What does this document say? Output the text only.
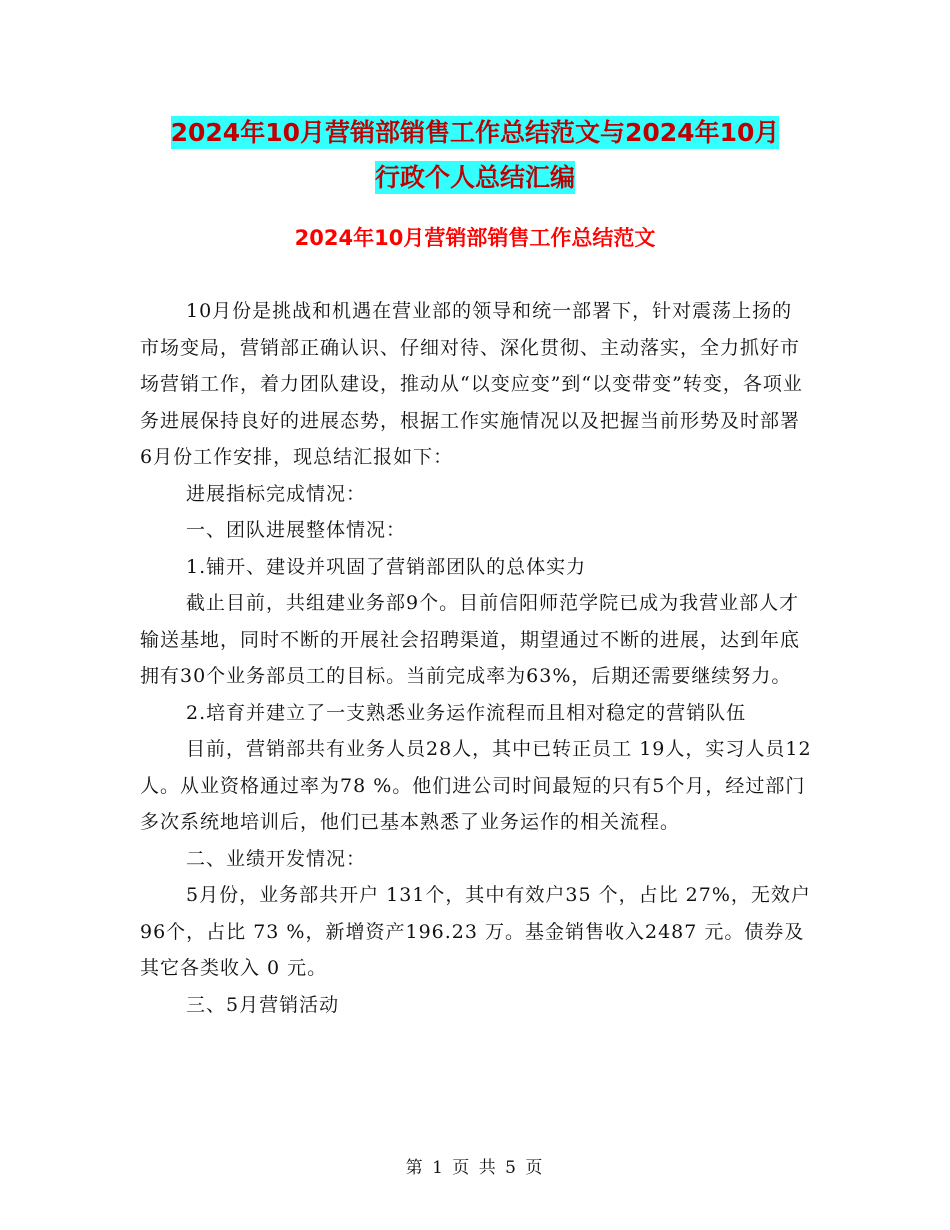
2024年10月营销部销售工作总结范文与2024年10月
行政个人总结汇编
2024年10月营销部销售工作总结范文

10月份是挑战和机遇在营业部的领导和统一部署下，针对震荡上扬的市场变局，营销部正确认识、仔细对待、深化贯彻、主动落实，全力抓好市场营销工作，着力团队建设，推动从“以变应变”到“以变带变”转变，各项业务进展保持良好的进展态势，根据工作实施情况以及把握当前形势及时部署6月份工作安排，现总结汇报如下：

进展指标完成情况：

一、团队进展整体情况：

1.铺开、建设并巩固了营销部团队的总体实力

截止目前，共组建业务部9个。目前信阳师范学院已成为我营业部人才输送基地，同时不断的开展社会招聘渠道，期望通过不断的进展，达到年底拥有30个业务部员工的目标。当前完成率为63%，后期还需要继续努力。

2.培育并建立了一支熟悉业务运作流程而且相对稳定的营销队伍

目前，营销部共有业务人员28人，其中已转正员工 19人，实习人员12人。从业资格通过率为78 %。他们进公司时间最短的只有5个月，经过部门多次系统地培训后，他们已基本熟悉了业务运作的相关流程。

二、业绩开发情况：

5月份，业务部共开户 131个，其中有效户35 个，占比 27%，无效户 96个，占比 73 %，新增资产196.23 万。基金销售收入2487 元。债券及其它各类收入 0 元。

三、5月营销活动

第 1 页 共 5 页
